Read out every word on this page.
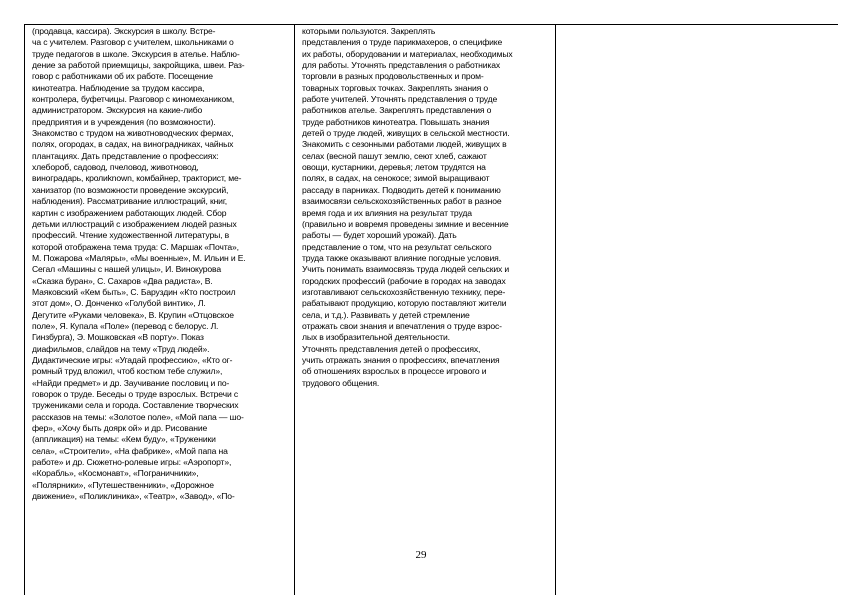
(продавца, кассира). Экскурсия в школу. Встре-
ча с учителем. Разговор с учителем, школьниками о
труде педагогов в школе. Экскурсия в ателье. Наблю-
дение за работой приемщицы, закройщика, швеи. Раз-
говор с работниками об их работе. Посещение
кинотеатра. Наблюдение за трудом кассира,
контролера, буфетчицы. Разговор с киномехаником,
администратором. Экскурсия на какие-либо
предприятия и в учреждения (по возможности).
Знакомство с трудом на животноводческих фермах,
полях, огородах, в садах, на виноградниках, чайных
плантациях. Дать представление о профессиях:
хлебороб, садовод, пчеловод, животновод,
виноградарь, кролиknown, комбайнер, тракторист, ме-
ханизатор (по возможности проведение экскурсий,
наблюдения). Рассматривание иллюстраций, книг,
картин с изображением работающих людей. Сбор
детьми иллюстраций с изображением людей разных
профессий. Чтение художественной литературы, в
которой отображена тема труда: С. Маршак «Почта»,
М. Пожарова «Маляры», «Мы военные», М. Ильин и Е.
Сегал «Машины с нашей улицы», И. Винокурова
«Сказка буран», С. Сахаров «Два радиста», В.
Маяковский «Кем быть», С. Баруздин «Кто построил
этот дом», О. Донченко «Голубой винтик», Л.
Дегутите «Руками человека», В. Крупин «Отцовское
поле», Я. Купала «Поле» (перевод с белорус. Л.
Гинзбурга), Э. Мошковская «В порту». Показ
диафильмов, слайдов на тему «Труд людей».
Дидактические игры: «Угадай профессию», «Кто ог-
ромный труд вложил, чтоб костюм тебе служил»,
«Найди предмет» и др. Заучивание пословиц и по-
говорок о труде. Беседы о труде взрослых. Встречи с
тружениками села и города. Составление творческих
рассказов на темы: «Золотое поле», «Мой папа — шо-
фер», «Хочу быть доярк ой» и др. Рисование
(аппликация) на темы: «Кем буду», «Труженики
села», «Строители», «На фабрике», «Мой папа на
работе» и др. Сюжетно-ролевые игры: «Аэропорт»,
«Корабль», «Космонавт», «Пограничники»,
«Полярники», «Путешественники», «Дорожное
движение», «Поликлиника», «Театр», «Завод», «По-
которыми пользуются. Закреплять
представления о труде парикмахеров, о специфике
их работы, оборудовании и материалах, необходимых
для работы. Уточнять представления о работниках
торговли в разных продовольственных и пром-
товарных торговых точках. Закреплять знания о
работе учителей. Уточнять представления о труде
работников ателье. Закреплять представления о
труде работников кинотеатра. Повышать знания
детей о труде людей, живущих в сельской местности.
Знакомить с сезонными работами людей, живущих в
селах (весной пашут землю, сеют хлеб, сажают
овощи, кустарники, деревья; летом трудятся на
полях, в садах, на сенокосе; зимой выращивают
рассаду в парниках. Подводить детей к пониманию
взаимосвязи сельскохозяйственных работ в разное
время года и их влияния на результат труда
(правильно и вовремя проведены зимние и весенние
работы — будет хороший урожай). Дать
представление о том, что на результат сельского
труда также оказывают влияние погодные условия.
Учить понимать взаимосвязь труда людей сельских и
городских профессий (рабочие в городах на заводах
изготавливают сельскохозяйственную технику, пере-
рабатывают продукцию, которую поставляют жители
села, и т.д.). Развивать у детей стремление
отражать свои знания и впечатления о труде взрос-
лых в изобразительной деятельности.
Уточнять представления детей о профессиях,
учить отражать знания о профессиях, впечатления
об отношениях взрослых в процессе игрового и
трудового общения.
29
